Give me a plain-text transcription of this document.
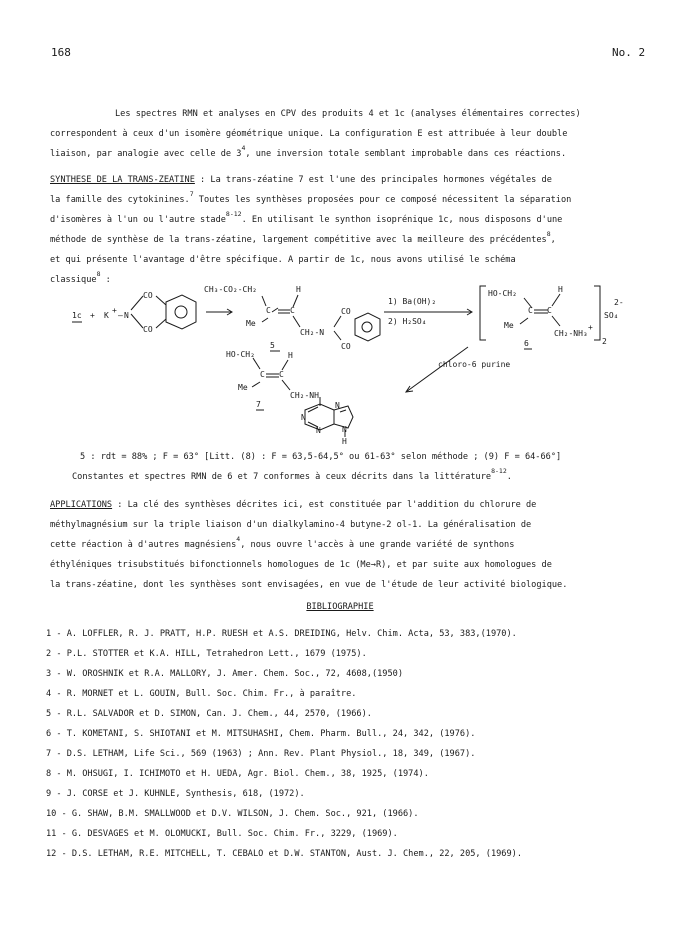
168	No. 2
Les spectres RMN et analyses en CPV des produits 4 et 1c (analyses élémentaires correctes)
correspondent à ceux d'un isomère géométrique unique. La configuration E est attribuée à leur double
liaison, par analogie avec celle de $3^4$, une inversion totale semblant improbable dans ces réactions.
SYNTHESE DE LA TRANS-ZEATINE : La trans-zéatine 7 est l'une des principales hormones végétales de
la famille des cytokinines.$^7$ Toutes les synthèses proposées pour ce composé nécessitent la séparation
d'isomères à l'un ou l'autre stade$^{8-12}$. En utilisant le synthon isoprénique 1c, nous disposons d'une
méthode de synthèse de la trans-zéatine, largement compétitive avec la meilleure des précédentes$^8$,
et qui présente l'avantage d'être spécifique. A partir de 1c, nous avons utilisé le schéma
classique$^8$ :
1c + K
+
– N
CO
CO
CH₃-CO₂-CH₂
C C
H
Me
CH₂-N
CO
CO
5
1) Ba(OH)₂
2) H₂SO₄
HO-CH₂
C C
H
Me
CH₂-NH₃
+
2
SO₄
2-
6
HO-CH₂
C C
H
Me
CH₂-NH
7	N
N
N	N
H
chloro-6 purine
5 : rdt = 88% ; F = 63° [Litt. (8) : F = 63,5-64,5° ou 61-63° selon méthode ; (9) F = 64-66°]
Constantes et spectres RMN de 6 et 7 conformes à ceux décrits dans la littérature$^{8-12}$.
APPLICATIONS : La clé des synthèses décrites ici, est constituée par l'addition du chlorure de
méthylmagnésium sur la triple liaison d'un dialkylamino-4 butyne-2 ol-1. La généralisation de
cette réaction à d'autres magnésiens$^4$, nous ouvre l'accès à une grande variété de synthons
éthyléniques trisubstitués bifonctionnels homologues de 1c (Me→R), et par suite aux homologues de
la trans-zéatine, dont les synthèses sont envisagées, en vue de l'étude de leur activité biologique.
BIBLIOGRAPHIE
1 - A. LOFFLER, R. J. PRATT, H.P. RUESH et A.S. DREIDING, Helv. Chim. Acta, 53, 383,(1970).
2 - P.L. STOTTER et K.A. HILL, Tetrahedron Lett., 1679 (1975).
3 - W. OROSHNIK et R.A. MALLORY, J. Amer. Chem. Soc., 72, 4608,(1950)
4 - R. MORNET et L. GOUIN, Bull. Soc. Chim. Fr., à paraître.
5 - R.L. SALVADOR et D. SIMON, Can. J. Chem., 44, 2570, (1966).
6 - T. KOMETANI, S. SHIOTANI et M. MITSUHASHI, Chem. Pharm. Bull., 24, 342, (1976).
7 - D.S. LETHAM, Life Sci., 569 (1963) ; Ann. Rev. Plant Physiol., 18, 349, (1967).
8 - M. OHSUGI, I. ICHIMOTO et H. UEDA, Agr. Biol. Chem., 38, 1925, (1974).
9 - J. CORSE et J. KUHNLE, Synthesis, 618, (1972).
10 - G. SHAW, B.M. SMALLWOOD et D.V. WILSON, J. Chem. Soc., 921, (1966).
11 - G. DESVAGES et M. OLOMUCKI, Bull. Soc. Chim. Fr., 3229, (1969).
12 - D.S. LETHAM, R.E. MITCHELL, T. CEBALO et D.W. STANTON, Aust. J. Chem., 22, 205, (1969).
